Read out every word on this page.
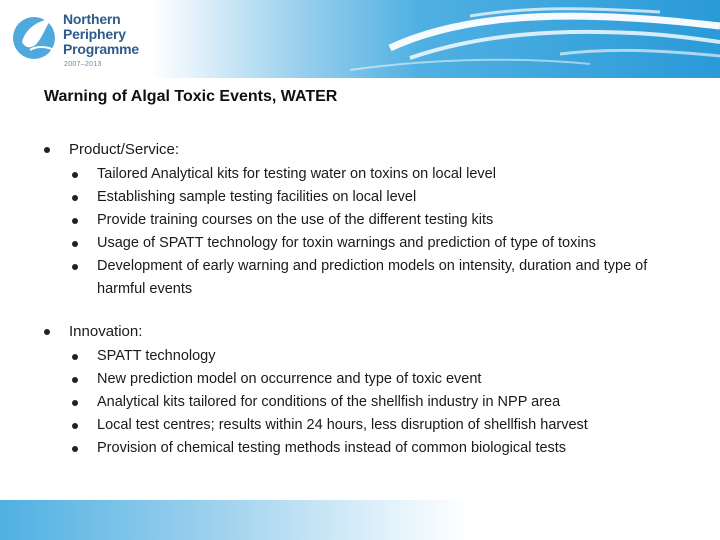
Northern
Periphery
Programme
2007–2013
Warning of Algal Toxic Events, WATER
Product/Service:
Tailored Analytical kits for testing water on toxins on local level
Establishing sample testing facilities on local level
Provide training courses on the use of the different testing kits
Usage of SPATT technology for toxin warnings and prediction of type of toxins
Development of early warning and prediction models on intensity, duration and type of harmful events
Innovation:
SPATT technology
New prediction model on occurrence and type of toxic event
Analytical kits tailored for conditions of the shellfish industry in NPP area
Local test centres; results within 24 hours, less disruption of shellfish harvest
Provision of chemical testing methods instead of common biological tests
